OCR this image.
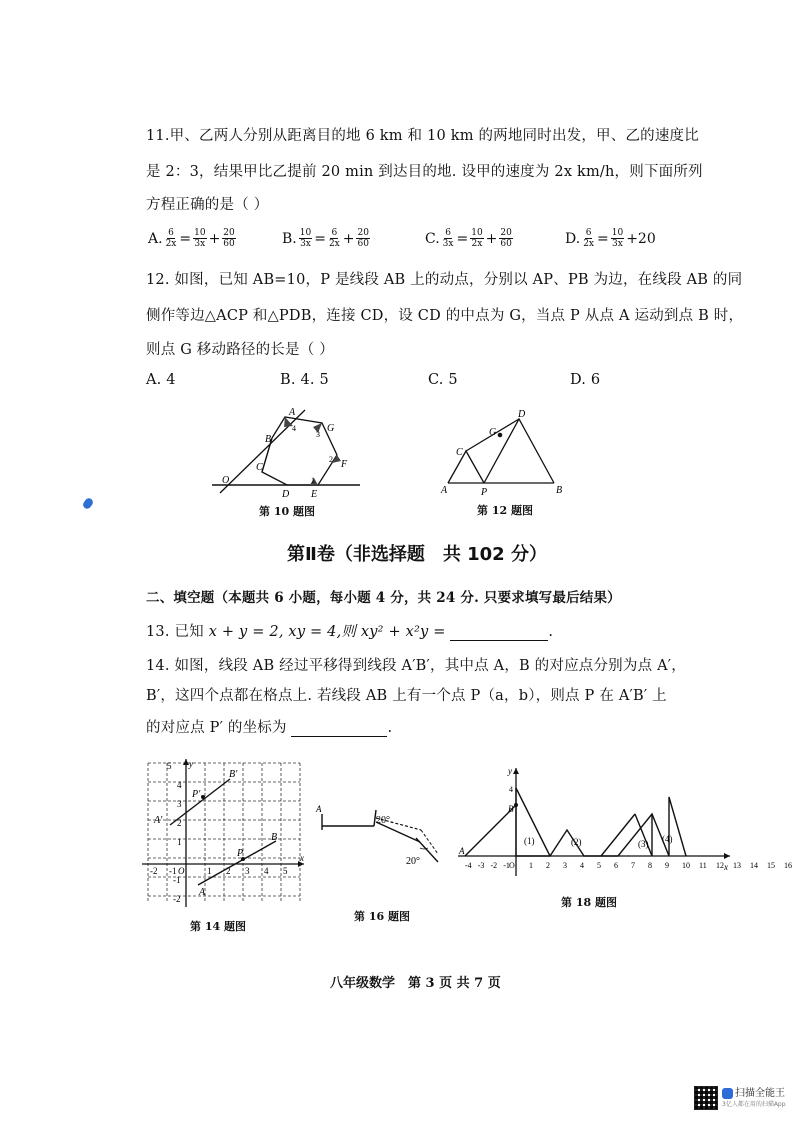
11.甲、乙两人分别从距离目的地 6 km 和 10 km 的两地同时出发，甲、乙的速度比
是 2：3，结果甲比乙提前 20 min 到达目的地. 设甲的速度为 2x km/h，则下面所列
方程正确的是（ ）
A. $\frac{6}{2x} = \frac{10}{3x} + \frac{20}{60}$	B. $\frac{10}{3x} = \frac{6}{2x} + \frac{20}{60}$	C. $\frac{6}{3x} = \frac{10}{2x} + \frac{20}{60}$	D. $\frac{6}{2x} = \frac{10}{3x} +20$
12. 如图，已知 AB=10，P 是线段 AB 上的动点，分别以 AP、PB 为边，在线段 AB 的同
侧作等边△ACP 和△PDB，连接 CD，设 CD 的中点为 G，当点 P 从点 A 运动到点 B 时，
则点 G 移动路径的长是（ ）
A. 4	B. 4. 5	C. 5	D. 6
A
B
C
D E
F
G
O	1
2
3
4
第 10 题图
A	B
C
D
G
P
第 12 题图
第Ⅱ卷（非选择题　共 102 分）
二、填空题（本题共 6 小题，每小题 4 分，共 24 分. 只要求填写最后结果）
13. 已知 x + y = 2, xy = 4,则 xy² + x²y =	.
14. 如图，线段 AB 经过平移得到线段 A′B′，其中点 A，B 的对应点分别为点 A′，
B′，这四个点都在格点上. 若线段 AB 上有一个点 P（a，b），则点 P 在 A′B′ 上
的对应点 P′ 的坐标为	.
5
4
3
2
1
-1
-2
-2 -1 O	1 2 3 4 5
x
y
A
B
P
A′
B′
P′
第 14 题图
A
20°
20°
第 16 题图
4
x
y
A
B
(1)	(2)	(3) (4)
-4 -3 -2 -1 O 1 2 3 4 5 6 7 8 9 10 11 12 13 14 15 16
第 18 题图
八年级数学　第 3 页 共 7 页
扫描全能王
3亿人都在用的扫描App
